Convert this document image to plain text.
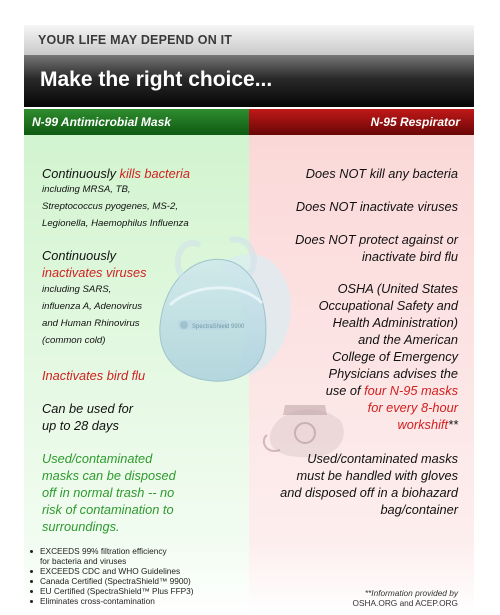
YOUR LIFE MAY DEPEND ON IT
Make the right choice...
N-99 Antimicrobial Mask	N-95 Respirator
SpectraShield 9900
Continuously kills bacteria
including MRSA, TB,
Streptococcus pyogenes, MS-2,
Legionella, Haemophilus Influenza
Continuously
inactivates viruses
including SARS,
influenza A, Adenovirus
and Human Rhinovirus
(common cold)
Inactivates bird flu
Can be used for
up to 28 days
Used/contaminated
masks can be disposed
off in normal trash -- no
risk of contamination to
surroundings.
EXCEEDS 99% filtration efficiency
for bacteria and viruses
EXCEEDS CDC and WHO Guidelines
Canada Certified (SpectraShield™ 9900)
EU Certified (SpectraShield™ Plus FFP3)
Eliminates cross-contamination
Does NOT kill any bacteria
Does NOT inactivate viruses
Does NOT protect against or
inactivate bird flu
OSHA (United States
Occupational Safety and
Health Administration)
and the American
College of Emergency
Physicians advises the
use of four N-95 masks
for every 8-hour
workshift**
Used/contaminated masks
must be handled with gloves
and disposed off in a biohazard
bag/container
**Information provided by
OSHA.ORG and ACEP.ORG
